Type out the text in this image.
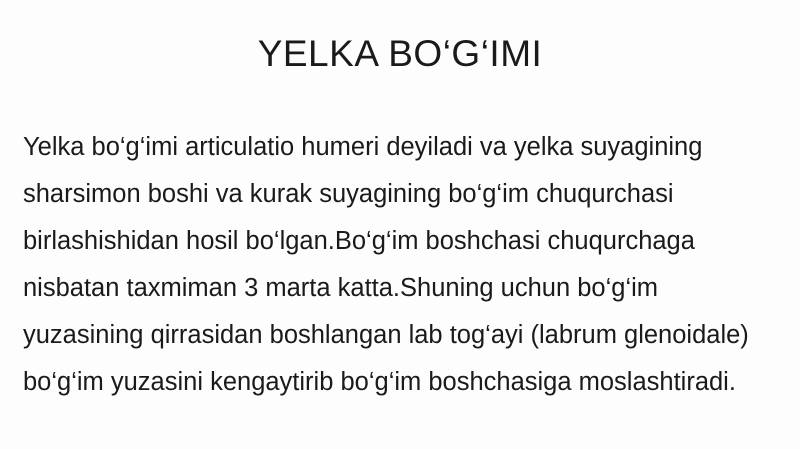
YELKA BO‘G‘IMI
Yelka bo‘g‘imi articulatio humeri deyiladi va yelka suyagining
sharsimon boshi va kurak suyagining bo‘g‘im chuqurchasi
birlashishidan hosil bo‘lgan.Bo‘g‘im boshchasi chuqurchaga
nisbatan taxmiman 3 marta katta.Shuning uchun bo‘g‘im
yuzasining qirrasidan boshlangan lab tog‘ayi (labrum glenoidale)
bo‘g‘im yuzasini kengaytirib bo‘g‘im boshchasiga moslashtiradi.
